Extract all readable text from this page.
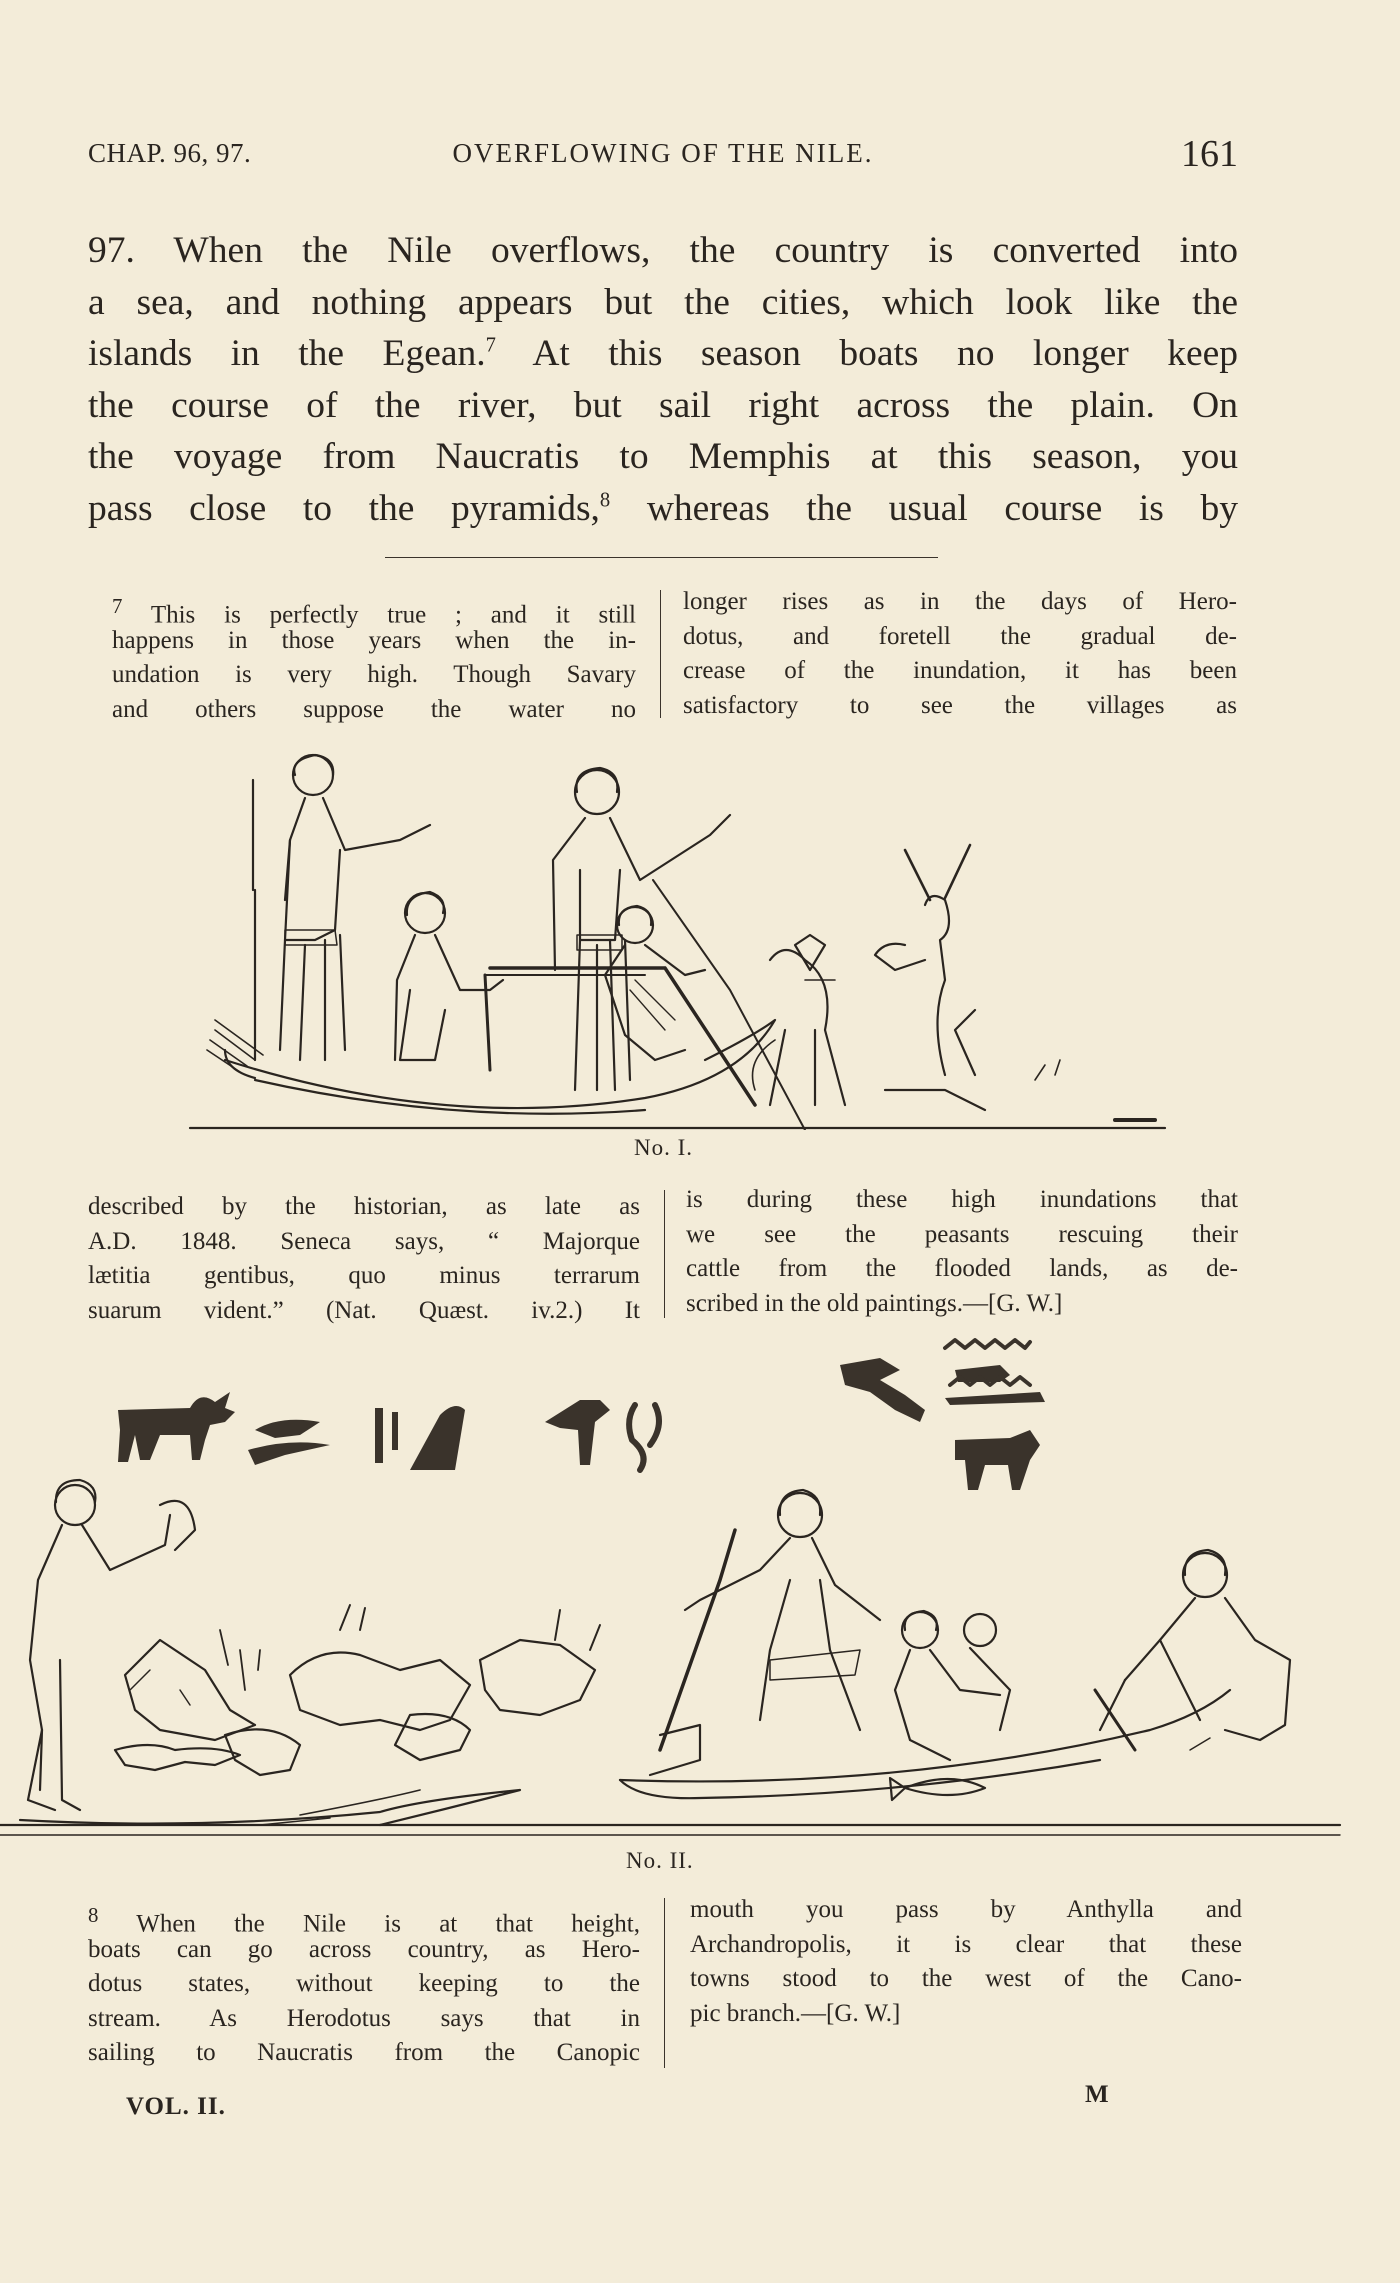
CHAP. 96, 97.	OVERFLOWING OF THE NILE.	161
97. When the Nile overflows, the country is converted into
a sea, and nothing appears but the cities, which look like the
islands in the Egean.$^7$ At this season boats no longer keep
the course of the river, but sail right across the plain. On
the voyage from Naucratis to Memphis at this season, you
pass close to the pyramids,$^8$ whereas the usual course is by
$^7$ This is perfectly true ; and it still
happens in those years when the in-
undation is very high. Though Savary
and others suppose the water no
longer rises as in the days of Hero-
dotus, and foretell the gradual de-
crease of the inundation, it has been
satisfactory to see the villages as
No. I.
described by the historian, as late as
A.D. 1848. Seneca says, “ Majorque
lætitia gentibus, quo minus terrarum
suarum vident.” (Nat. Quæst. iv.2.) It
is during these high inundations that
we see the peasants rescuing their
cattle from the flooded lands, as de-
scribed in the old paintings.—[G. W.]
No. II.
$^8$ When the Nile is at that height,
boats can go across country, as Hero-
dotus states, without keeping to the
stream. As Herodotus says that in
sailing to Naucratis from the Canopic
mouth you pass by Anthylla and
Archandropolis, it is clear that these
towns stood to the west of the Cano-
pic branch.—[G. W.]
VOL. II.	M
